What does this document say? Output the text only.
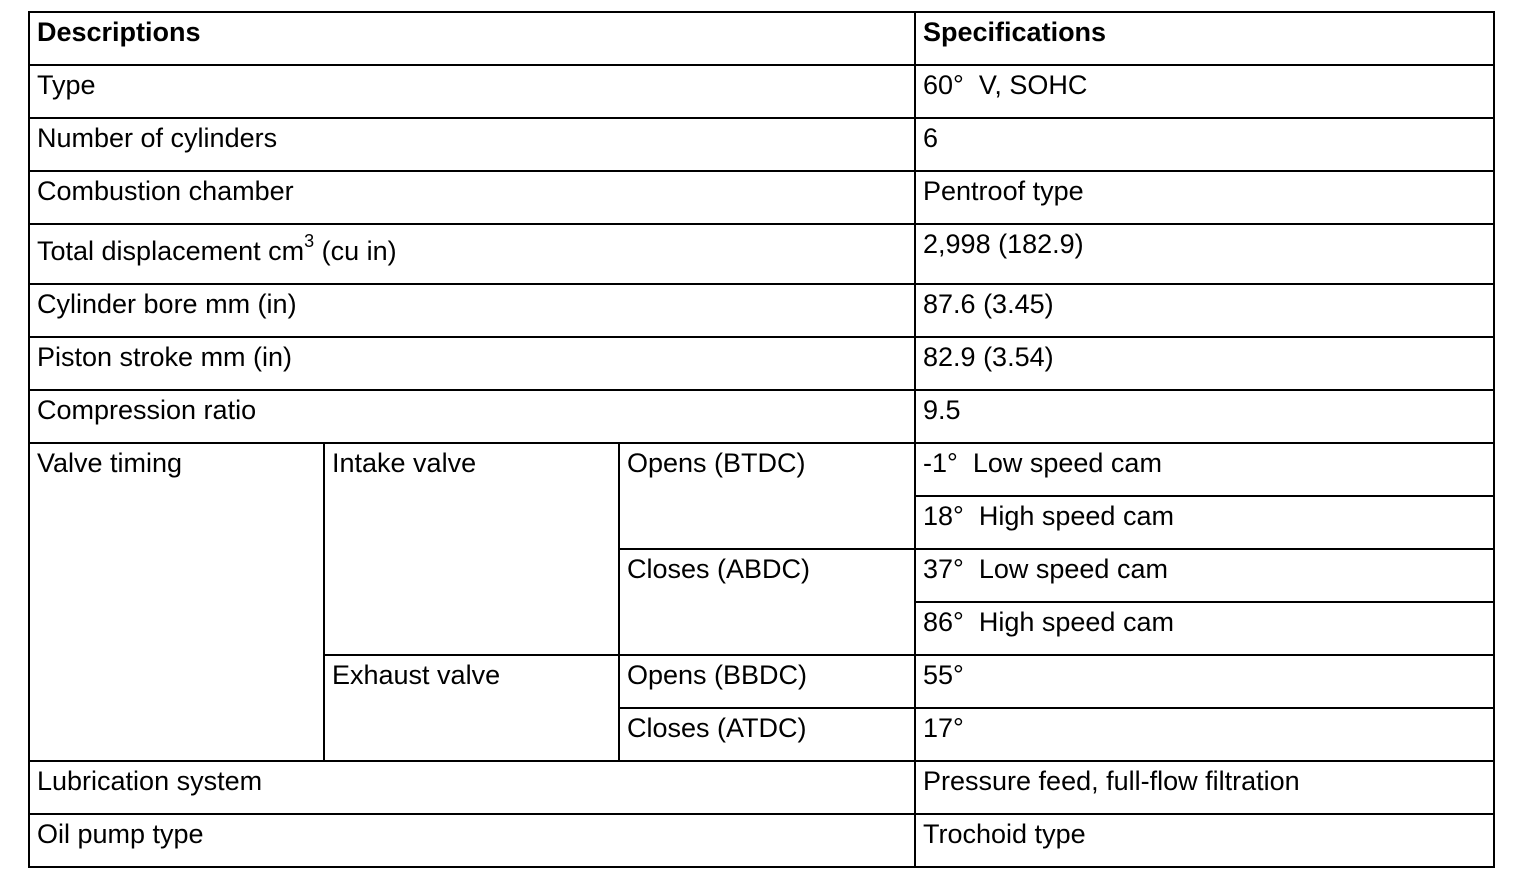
Descriptions			Specifications
Type			60°  V, SOHC
Number of cylinders			6
Combustion chamber			Pentroof type
Total displacement $cm^3$ (cu in)			2,998 (182.9)
Cylinder bore mm (in)			87.6 (3.45)
Piston stroke mm (in)			82.9 (3.54)
Compression ratio			9.5
Valve timing	Intake valve	Opens (BTDC)	-1°  Low speed cam
			18°  High speed cam
		Closes (ABDC)	37°  Low speed cam
			86°  High speed cam
	Exhaust valve	Opens (BBDC)	55°
		Closes (ATDC)	17°
Lubrication system			Pressure feed, full-flow filtration
Oil pump type			Trochoid type
